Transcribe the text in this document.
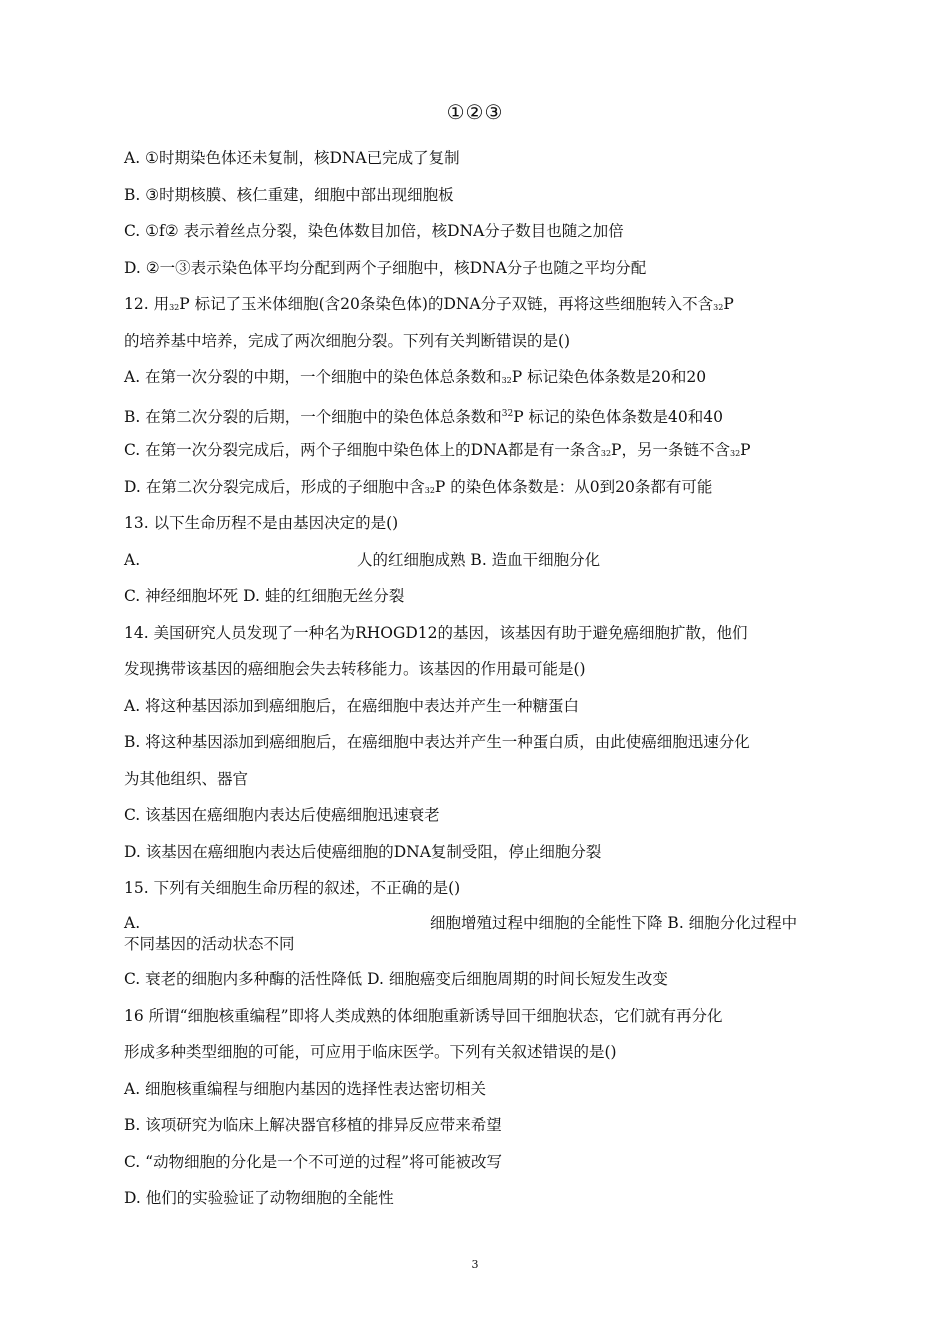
①②③
A. ①时期染色体还未复制，核DNA已完成了复制
B. ③时期核膜、核仁重建，细胞中部出现细胞板
C. ①f② 表示着丝点分裂，染色体数目加倍，核DNA分子数目也随之加倍
D. ②一③表示染色体平均分配到两个子细胞中，核DNA分子也随之平均分配
12. 用32P 标记了玉米体细胞(含20条染色体)的DNA分子双链，再将这些细胞转入不含32P
的培养基中培养，完成了两次细胞分裂。下列有关判断错误的是()
A. 在第一次分裂的中期，一个细胞中的染色体总条数和32P 标记染色体条数是20和20
B. 在第二次分裂的后期，一个细胞中的染色体总条数和$^{32}$P 标记的染色体条数是40和40
C. 在第一次分裂完成后，两个子细胞中染色体上的DNA都是有一条含32P，另一条链不含32P
D. 在第二次分裂完成后，形成的子细胞中含32P 的染色体条数是：从0到20条都有可能
13. 以下生命历程不是由基因决定的是()
A.	人的红细胞成熟 B. 造血干细胞分化
C. 神经细胞坏死 D. 蛙的红细胞无丝分裂
14. 美国研究人员发现了一种名为RHOGD12的基因，该基因有助于避免癌细胞扩散，他们
发现携带该基因的癌细胞会失去转移能力。该基因的作用最可能是()
A. 将这种基因添加到癌细胞后，在癌细胞中表达并产生一种糖蛋白
B. 将这种基因添加到癌细胞后，在癌细胞中表达并产生一种蛋白质，由此使癌细胞迅速分化
为其他组织、器官
C. 该基因在癌细胞内表达后使癌细胞迅速衰老
D. 该基因在癌细胞内表达后使癌细胞的DNA复制受阻，停止细胞分裂
15. 下列有关细胞生命历程的叙述，不正确的是()
A.	细胞增殖过程中细胞的全能性下降 B. 细胞分化过程中
不同基因的活动状态不同
C. 衰老的细胞内多种酶的活性降低 D. 细胞癌变后细胞周期的时间长短发生改变
16 所谓“细胞核重编程”即将人类成熟的体细胞重新诱导回干细胞状态，它们就有再分化
形成多种类型细胞的可能，可应用于临床医学。下列有关叙述错误的是()
A. 细胞核重编程与细胞内基因的选择性表达密切相关
B. 该项研究为临床上解决器官移植的排异反应带来希望
C. “动物细胞的分化是一个不可逆的过程”将可能被改写
D. 他们的实验验证了动物细胞的全能性
3
